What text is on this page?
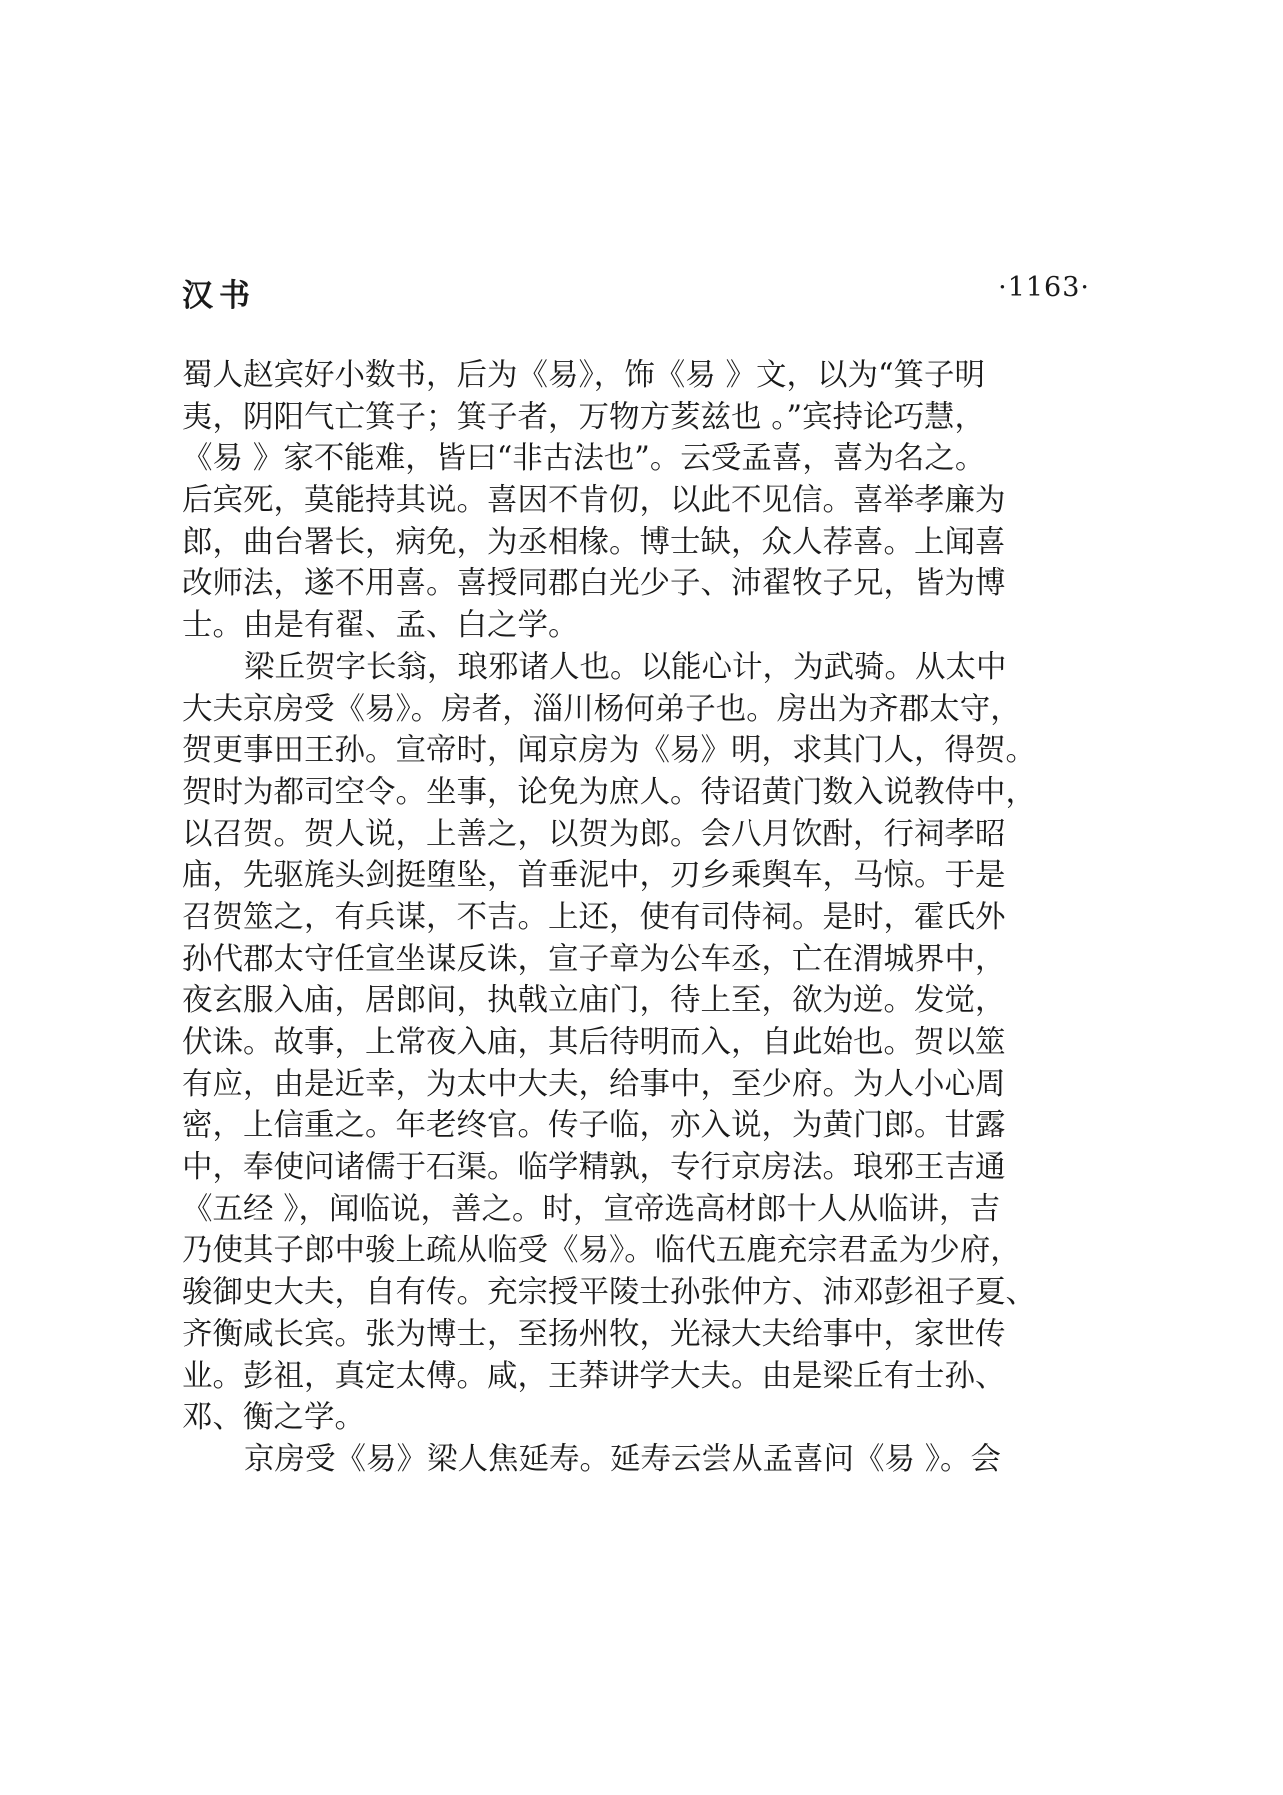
汉书	·1163·
蜀人赵宾好小数书，后为《易》，饰《易 》文，以为“箕子明
夷，阴阳气亡箕子；箕子者，万物方荄兹也 。”宾持论巧慧，
《易 》家不能难，皆曰“非古法也”。云受孟喜，喜为名之。
后宾死，莫能持其说。喜因不肯仞，以此不见信。喜举孝廉为
郎，曲台署长，病免，为丞相椽。博士缺，众人荐喜。上闻喜
改师法，遂不用喜。喜授同郡白光少子、沛翟牧子兄，皆为博
士。由是有翟、孟、白之学。
梁丘贺字长翁，琅邪诸人也。以能心计，为武骑。从太中
大夫京房受《易》。房者，淄川杨何弟子也。房出为齐郡太守，
贺更事田王孙。宣帝时，闻京房为《易》明，求其门人，得贺。
贺时为都司空令。坐事，论免为庶人。待诏黄门数入说教侍中，
以召贺。贺人说，上善之，以贺为郎。会八月饮酎，行祠孝昭
庙，先驱旄头剑挺堕坠，首垂泥中，刃乡乘舆车，马惊。于是
召贺筮之，有兵谋，不吉。上还，使有司侍祠。是时，霍氏外
孙代郡太守任宣坐谋反诛，宣子章为公车丞，亡在渭城界中，
夜玄服入庙，居郎间，执戟立庙门，待上至，欲为逆。发觉，
伏诛。故事，上常夜入庙，其后待明而入，自此始也。贺以筮
有应，由是近幸，为太中大夫，给事中，至少府。为人小心周
密，上信重之。年老终官。传子临，亦入说，为黄门郎。甘露
中，奉使问诸儒于石渠。临学精孰，专行京房法。琅邪王吉通
《五经 》，闻临说，善之。时，宣帝选高材郎十人从临讲，吉
乃使其子郎中骏上疏从临受《易》。临代五鹿充宗君孟为少府，
骏御史大夫，自有传。充宗授平陵士孙张仲方、沛邓彭祖子夏、
齐衡咸长宾。张为博士，至扬州牧，光禄大夫给事中，家世传
业。彭祖，真定太傅。咸，王莽讲学大夫。由是梁丘有士孙、
邓、衡之学。
京房受《易》梁人焦延寿。延寿云尝从孟喜问《易 》。会
